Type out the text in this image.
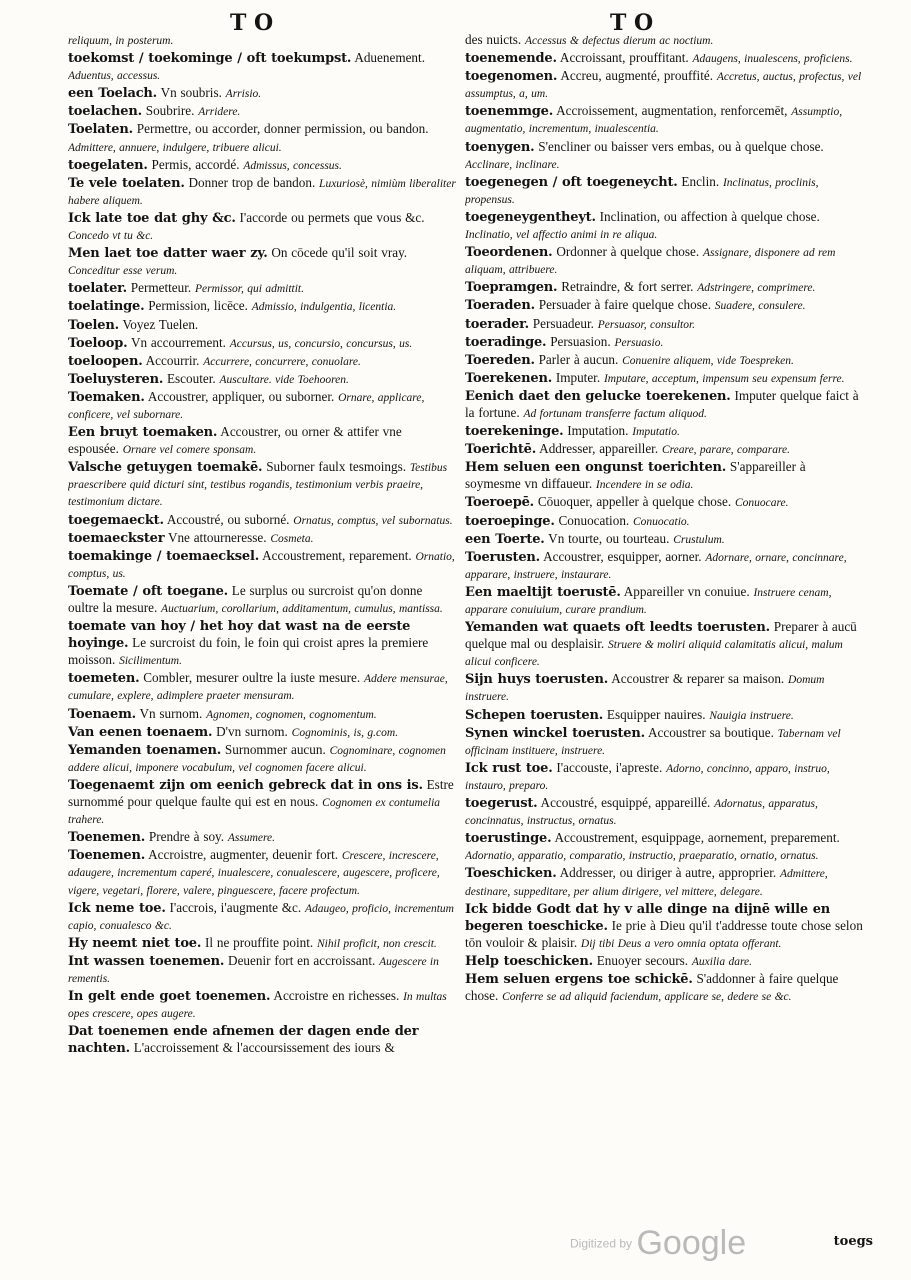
T O	T O

reliquum, in posterum.

toekomst / toekominge / oft toekumpst. Aduenement. Aduentus, accessus.

een Toelach. Vn soubris. Arrisio.

toelachen. Soubrire. Arridere.

Toelaten. Permettre, ou accorder, donner permission, ou bandon. Admittere, annuere, indulgere, tribuere alicui.

toegelaten. Permis, accordé. Admissus, concessus.

Te vele toelaten. Donner trop de bandon. Luxuriosè, nimiùm liberaliter habere aliquem.

Ick late toe dat ghy &c. I'accorde ou permets que vous &c. Concedo vt tu &c.

Men laet toe datter waer zy. On cōcede qu'il soit vray. Conceditur esse verum.

toelater. Permetteur. Permissor, qui admittit.

toelatinge. Permission, licēce. Admissio, indulgentia, licentia.

Toelen. Voyez Tuelen.

Toeloop. Vn accourrement. Accursus, us, concursio, concursus, us.

toeloopen. Accourrir. Accurrere, concurrere, conuolare.

Toeluysteren. Escouter. Auscultare. vide Toehooren.

Toemaken. Accoustrer, appliquer, ou suborner. Ornare, applicare, conficere, vel subornare.

Een bruyt toemaken. Accoustrer, ou orner & attifer vne espousée. Ornare vel comere sponsam.

Valsche getuygen toemakē. Suborner faulx tesmoings. Testibus praescribere quid dicturi sint, testibus rogandis, testimonium verbis praeire, testimonium dictare.

toegemaeckt. Accoustré, ou suborné. Ornatus, comptus, vel subornatus.

toemaeckster Vne attourneresse. Cosmeta.

toemakinge / toemaecksel. Accoustrement, reparement. Ornatio, comptus, us.

Toemate / oft toegane. Le surplus ou surcroist qu'on donne oultre la mesure. Auctuarium, corollarium, additamentum, cumulus, mantissa.

toemate van hoy / het hoy dat wast na de eerste hoyinge. Le surcroist du foin, le foin qui croist apres la premiere moisson. Sicilimentum.

toemeten. Combler, mesurer oultre la iuste mesure. Addere mensurae, cumulare, explere, adimplere praeter mensuram.

Toenaem. Vn surnom. Agnomen, cognomen, cognomentum.

Van eenen toenaem. D'vn surnom. Cognominis, is, g.com.

Yemanden toenamen. Surnommer aucun. Cognominare, cognomen addere alicui, imponere vocabulum, vel cognomen facere alicui.

Toegenaemt zijn om eenich gebreck dat in ons is. Estre surnommé pour quelque faulte qui est en nous. Cognomen ex contumelia trahere.

Toenemen. Prendre à soy. Assumere.

Toenemen. Accroistre, augmenter, deuenir fort. Crescere, increscere, adaugere, incrementum caperé, inualescere, conualescere, augescere, proficere, vigere, vegetari, florere, valere, pinguescere, facere profectum.

Ick neme toe. I'accrois, i'augmente &c. Adaugeo, proficio, incrementum capio, conualesco &c.

Hy neemt niet toe. Il ne prouffite point. Nihil proficit, non crescit.

Int wassen toenemen. Deuenir fort en accroissant. Augescere in rementis.

In gelt ende goet toenemen. Accroistre en richesses. In multas opes crescere, opes augere.

Dat toenemen ende afnemen der dagen ende der nachten. L'accroissement & l'accoursissement des iours &

des nuicts. Accessus & defectus dierum ac noctium.

toenemende. Accroissant, prouffitant. Adaugens, inualescens, proficiens.

toegenomen. Accreu, augmenté, prouffité. Accretus, auctus, profectus, vel assumptus, a, um.

toenemmge. Accroissement, augmentation, renforcemēt, Assumptio, augmentatio, incrementum, inualescentia.

toenygen. S'encliner ou baisser vers embas, ou à quelque chose. Acclinare, inclinare.

toegenegen / oft toegeneycht. Enclin. Inclinatus, proclinis, propensus.

toegeneygentheyt. Inclination, ou affection à quelque chose. Inclinatio, vel affectio animi in re aliqua.

Toeordenen. Ordonner à quelque chose. Assignare, disponere ad rem aliquam, attribuere.

Toepramgen. Retraindre, & fort serrer. Adstringere, comprimere.

Toeraden. Persuader à faire quelque chose. Suadere, consulere.

toerader. Persuadeur. Persuasor, consultor.

toeradinge. Persuasion. Persuasio.

Toereden. Parler à aucun. Conuenire aliquem, vide Toespreken.

Toerekenen. Imputer. Imputare, acceptum, impensum seu expensum ferre.

Eenich daet den gelucke toerekenen. Imputer quelque faict à la fortune. Ad fortunam transferre factum aliquod.

toerekeninge. Imputation. Imputatio.

Toerichtē. Addresser, appareiller. Creare, parare, comparare.

Hem seluen een ongunst toerichten. S'appareiller à soymesme vn diffaueur. Incendere in se odia.

Toeroepē. Cōuoquer, appeller à quelque chose. Conuocare.

toeroepinge. Conuocation. Conuocatio.

een Toerte. Vn tourte, ou tourteau. Crustulum.

Toerusten. Accoustrer, esquipper, aorner. Adornare, ornare, concinnare, apparare, instruere, instaurare.

Een maeltijt toerustē. Appareiller vn conuiue. Instruere cenam, apparare conuiuium, curare prandium.

Yemanden wat quaets oft leedts toerusten. Preparer à aucū quelque mal ou desplaisir. Struere & moliri aliquid calamitatis alicui, malum alicui conficere.

Sijn huys toerusten. Accoustrer & reparer sa maison. Domum instruere.

Schepen toerusten. Esquipper nauires. Nauigia instruere.

Synen winckel toerusten. Accoustrer sa boutique. Tabernam vel officinam instituere, instruere.

Ick rust toe. I'accouste, i'apreste. Adorno, concinno, apparo, instruo, instauro, preparo.

toegerust. Accoustré, esquippé, appareillé. Adornatus, apparatus, concinnatus, instructus, ornatus.

toerustinge. Accoustrement, esquippage, aornement, preparement. Adornatio, apparatio, comparatio, instructio, praeparatio, ornatio, ornatus.

Toeschicken. Addresser, ou diriger à autre, approprier. Admittere, destinare, suppeditare, per alium dirigere, vel mittere, delegare.

Ick bidde Godt dat hy v alle dinge na dijnē wille en begeren toeschicke. Ie prie à Dieu qu'il t'addresse toute chose selon tōn vouloir & plaisir. Dij tibi Deus a vero omnia optata offerant.

Help toeschicken. Enuoyer secours. Auxilia dare.

Hem seluen ergens toe schickē. S'addonner à faire quelque chose. Conferre se ad aliquid faciendum, applicare se, dedere se &c.

toegs
Digitized by Google
